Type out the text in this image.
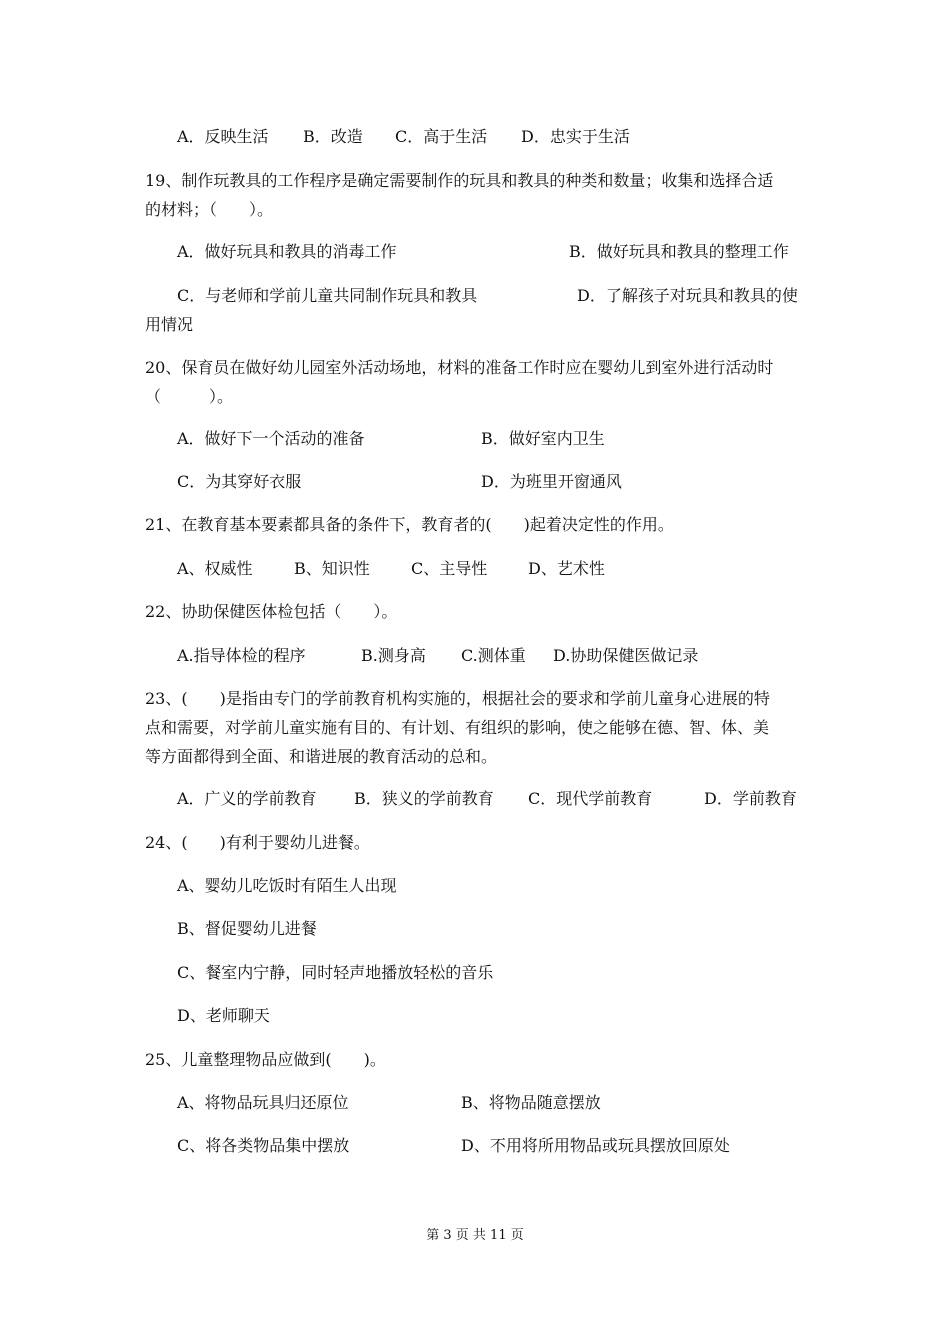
A．反映生活 B．改造 C．高于生活 D．忠实于生活
19、制作玩教具的工作程序是确定需要制作的玩具和教具的种类和数量；收集和选择合适
的材料；（　　）。
A．做好玩具和教具的消毒工作	B．做好玩具和教具的整理工作
C．与老师和学前儿童共同制作玩具和教具	D．了解孩子对玩具和教具的使
用情况
20、保育员在做好幼儿园室外活动场地，材料的准备工作时应在婴幼儿到室外进行活动时
（　　　）。
A．做好下一个活动的准备	B．做好室内卫生
C．为其穿好衣服	D．为班里开窗通风
21、在教育基本要素都具备的条件下，教育者的(　　)起着决定性的作用。
A、权威性	B、知识性	C、主导性	D、艺术性
22、协助保健医体检包括（　　）。
A.指导体检的程序	B.测身高 C.测体重 D.协助保健医做记录
23、(　　)是指由专门的学前教育机构实施的，根据社会的要求和学前儿童身心进展的特
点和需要，对学前儿童实施有目的、有计划、有组织的影响，使之能够在德、智、体、美
等方面都得到全面、和谐进展的教育活动的总和。
A．广义的学前教育 B．狭义的学前教育 C．现代学前教育	D．学前教育
24、(　　)有利于婴幼儿进餐。
A、婴幼儿吃饭时有陌生人出现
B、督促婴幼儿进餐
C、餐室内宁静，同时轻声地播放轻松的音乐
D、老师聊天
25、儿童整理物品应做到(　　)。
A、将物品玩具归还原位	B、将物品随意摆放
C、将各类物品集中摆放	D、不用将所用物品或玩具摆放回原处
第 3 页 共 11 页
